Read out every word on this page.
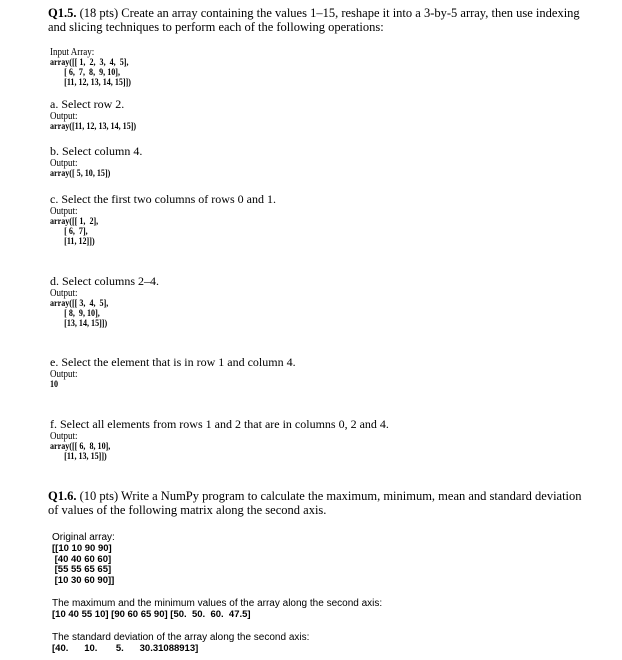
Q1.5. (18 pts) Create an array containing the values 1–15, reshape it into a 3-by-5 array, then use indexing and slicing techniques to perform each of the following operations:
Input Array:
array([[ 1,  2,  3,  4,  5],
[ 6,  7,  8,  9, 10],
[11, 12, 13, 14, 15]])
a. Select row 2.
Output:
array([11, 12, 13, 14, 15])
b. Select column 4.
Output:
array([ 5, 10, 15])
c. Select the first two columns of rows 0 and 1.
Output:
array([[ 1,  2],
[ 6,  7],
[11, 12]])
d. Select columns 2–4.
Output:
array([[ 3,  4,  5],
[ 8,  9, 10],
[13, 14, 15]])
e. Select the element that is in row 1 and column 4.
Output:
10
f. Select all elements from rows 1 and 2 that are in columns 0, 2 and 4.
Output:
array([[ 6,  8, 10],
[11, 13, 15]])
Q1.6. (10 pts) Write a NumPy program to calculate the maximum, minimum, mean and standard deviation of values of the following matrix along the second axis.
Original array:
[[10 10 90 90]
[40 40 60 60]
[55 55 65 65]
[10 30 60 90]]
The maximum and the minimum values of the array along the second axis:
[10 40 55 10] [90 60 65 90] [50.  50.  60.  47.5]
The standard deviation of the array along the second axis:
[40.      10.       5.      30.31088913]
